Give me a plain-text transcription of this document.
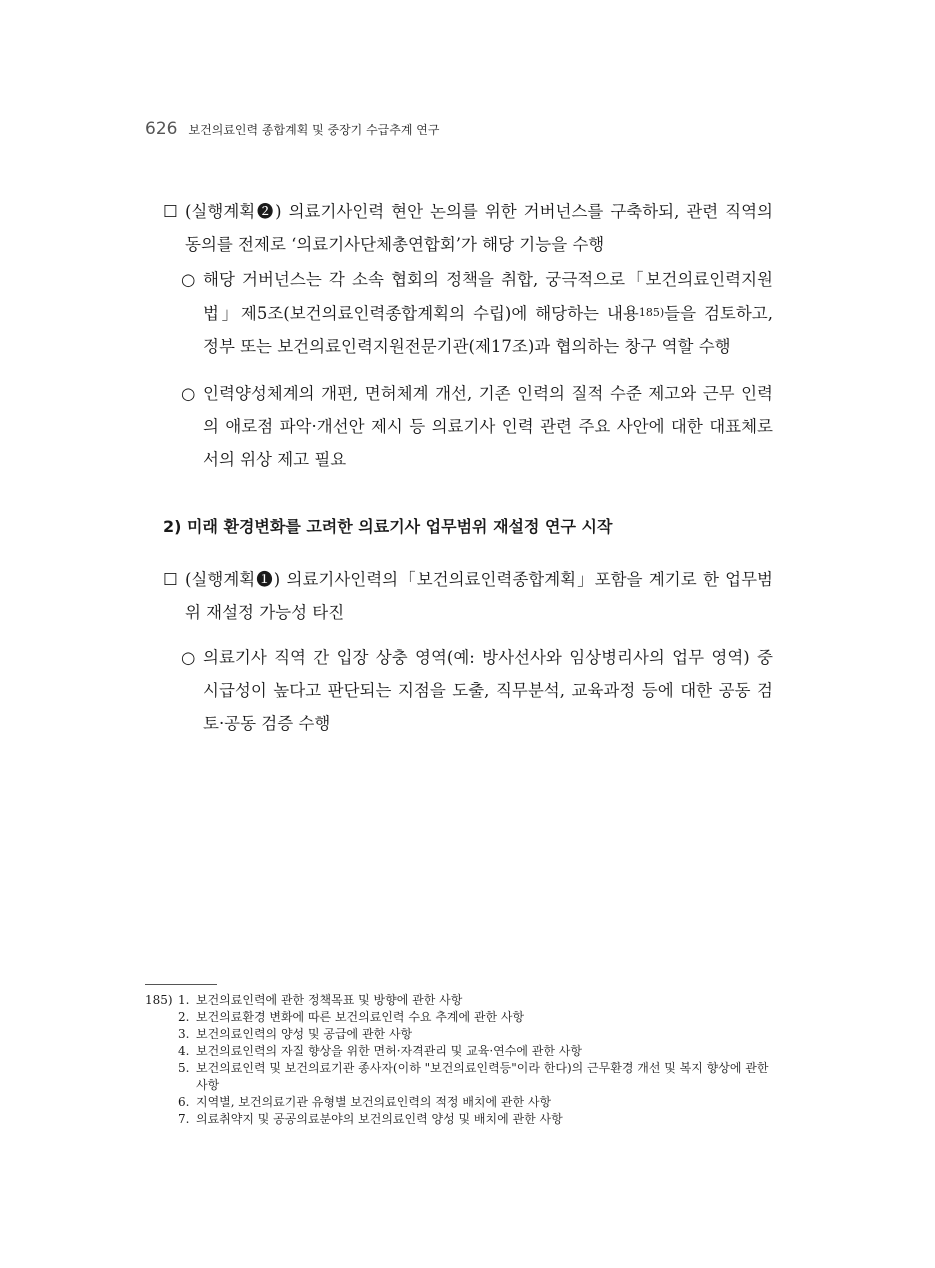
626 보건의료인력 종합계획 및 중장기 수급추계 연구
☐ (실행계획❷) 의료기사인력 현안 논의를 위한 거버넌스를 구축하되, 관련 직역의 동의를 전제로 ‘의료기사단체총연합회’가 해당 기능을 수행
○ 해당 거버넌스는 각 소속 협회의 정책을 취합, 궁극적으로「보건의료인력지원법」제5조(보건의료인력종합계획의 수립)에 해당하는 내용$^{185)}$들을 검토하고, 정부 또는 보건의료인력지원전문기관(제17조)과 협의하는 창구 역할 수행
○ 인력양성체계의 개편, 면허체계 개선, 기존 인력의 질적 수준 제고와 근무 인력의 애로점 파악·개선안 제시 등 의료기사 인력 관련 주요 사안에 대한 대표체로서의 위상 제고 필요
2) 미래 환경변화를 고려한 의료기사 업무범위 재설정 연구 시작
☐ (실행계획❶) 의료기사인력의「보건의료인력종합계획」포함을 계기로 한 업무범위 재설정 가능성 타진
○ 의료기사 직역 간 입장 상충 영역(예: 방사선사와 임상병리사의 업무 영역) 중 시급성이 높다고 판단되는 지점을 도출, 직무분석, 교육과정 등에 대한 공동 검토·공동 검증 수행
185) 1. 보건의료인력에 관한 정책목표 및 방향에 관한 사항
2. 보건의료환경 변화에 따른 보건의료인력 수요 추계에 관한 사항
3. 보건의료인력의 양성 및 공급에 관한 사항
4. 보건의료인력의 자질 향상을 위한 면허·자격관리 및 교육·연수에 관한 사항
5. 보건의료인력 및 보건의료기관 종사자(이하 "보건의료인력등"이라 한다)의 근무환경 개선 및 복지 향상에 관한 사항
6. 지역별, 보건의료기관 유형별 보건의료인력의 적정 배치에 관한 사항
7. 의료취약지 및 공공의료분야의 보건의료인력 양성 및 배치에 관한 사항
